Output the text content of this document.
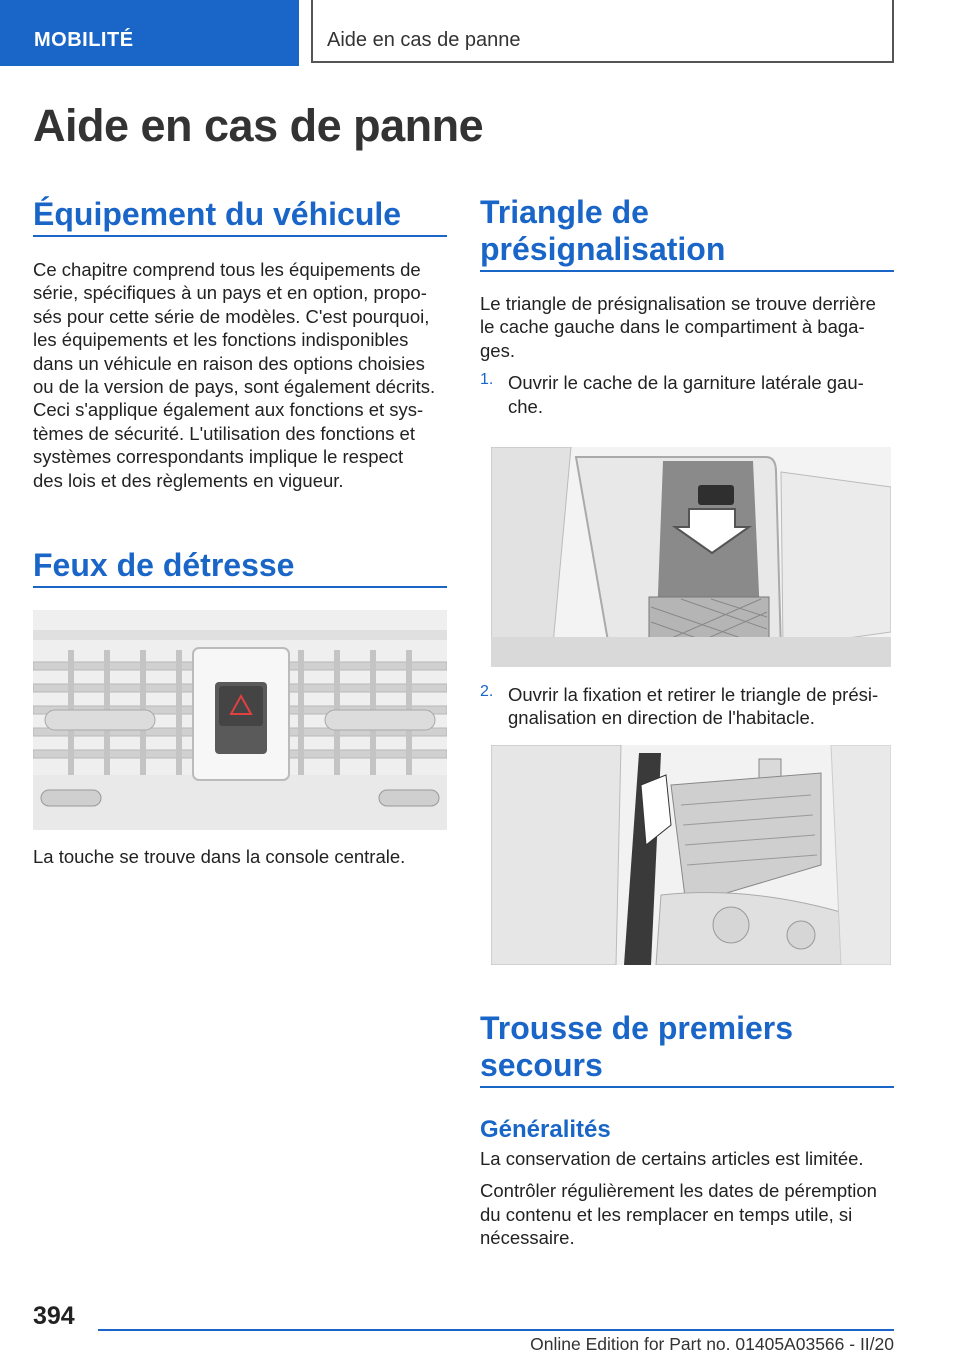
MOBILITÉ	Aide en cas de panne
Aide en cas de panne
Équipement du véhicule

Ce chapitre comprend tous les équipements de

série, spécifiques à un pays et en option, propo‐

sés pour cette série de modèles. C'est pourquoi,

les équipements et les fonctions indisponibles

dans un véhicule en raison des options choisies

ou de la version de pays, sont également décrits.

Ceci s'applique également aux fonctions et sys‐

tèmes de sécurité. L'utilisation des fonctions et

systèmes correspondants implique le respect

des lois et des règlements en vigueur.

Feux de détresse

La touche se trouve dans la console centrale.

Triangle de
présignalisation

Le triangle de présignalisation se trouve derrière

le cache gauche dans le compartiment à baga‐

ges.

1. Ouvrir le cache de la garniture latérale gau‐

che.

2. Ouvrir la fixation et retirer le triangle de prési‐

gnalisation en direction de l'habitacle.

Trousse de premiers
secours
Généralités

La conservation de certains articles est limitée.

Contrôler régulièrement les dates de péremption

du contenu et les remplacer en temps utile, si

nécessaire.

394
Online Edition for Part no. 01405A03566 - II/20
